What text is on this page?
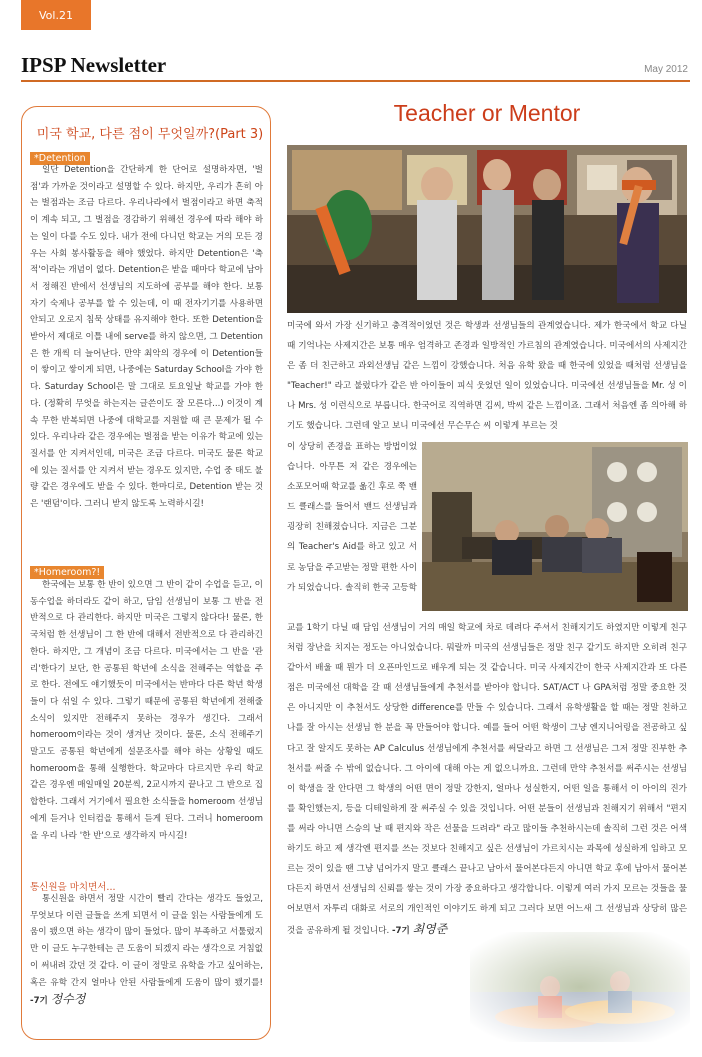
Vol.21
IPSP Newsletter	May 2012
미국 학교, 다른 점이 무엇일까?(Part 3)
*Detention
일단 Detention을 간단하게 한 단어로 설명하자면, '벌점'과 가까운 것이라고 설명할 수 있다. 하지만, 우리가 흔히 아는 벌점과는 조금 다르다. 우리나라에서 벌점이라고 하면 축적이 계속 되고, 그 벌점을 경감하기 위해선 경우에 따라 해야 하는 일이 다를 수도 있다. 내가 전에 다니던 학교는 거의 모든 경우는 사회 봉사활동을 해야 했었다. 하지만 Detention은 '축적'이라는 개념이 없다. Detention은 받을 때마다 학교에 남아서 정해진 반에서 선생님의 지도하에 공부를 해야 한다. 보통 자기 숙제나 공부를 할 수 있는데, 이 때 전자기기를 사용하면 안되고 오로지 침묵 상태를 유지해야 한다. 또한 Detention을 받아서 제대로 이틀 내에 serve를 하지 않으면, 그 Detention은 한 개씩 더 늘어난다. 만약 최악의 경우에 이 Detention들이 쌓이고 쌓이게 되면, 나중에는 Saturday School을 가야 한다. Saturday School은 말 그대로 토요일날 학교를 가야 한다. (정확히 무엇을 하는지는 글쓴이도 잘 모른다...) 이것이 계속 무한 반복되면 나중에 대학교를 지원할 때 큰 문제가 될 수 있다. 우리나라 같은 경우에는 벌점을 받는 이유가 학교에 있는 질서를 안 지켜서인데, 미국은 조금 다르다. 미국도 물론 학교에 있는 질서를 안 지켜서 받는 경우도 있지만, 수업 중 태도 불량 같은 경우에도 받을 수 있다. 한마디로, Detention 받는 것은 '랜덤'이다. 그러니 받지 않도록 노력하시길!
*Homeroom?!
한국에는 보통 한 반이 있으면 그 반이 같이 수업을 듣고, 이동수업을 하더라도 같이 하고, 담임 선생님이 보통 그 반을 전반적으로 다 관리한다. 하지만 미국은 그렇지 않다다! 물론, 한국처럼 한 선생님이 그 한 반에 대해서 전반적으로 다 관리하긴 한다. 하지만, 그 개념이 조금 다르다. 미국에서는 그 반을 '관리'한다기 보단, 한 공통된 학년에 소식을 전해주는 역할을 주로 한다. 전에도 얘기했듯이 미국에서는 반마다 다른 학년 학생들이 다 섞일 수 있다. 그렇기 때문에 공통된 학년에게 전해줄 소식이 있지만 전해주지 못하는 경우가 생긴다. 그래서 homeroom이라는 것이 생겨난 것이다. 물론, 소식 전해주기 말고도 공통된 학년에게 설문조사를 해야 하는 상황일 때도 homeroom을 통해 실행한다. 학교마다 다르지만 우리 학교 같은 경우엔 매일매일 20분씩, 2교시까지 끝나고 그 반으로 집합한다. 그래서 거기에서 필요한 소식들을 homeroom 선생님에게 듣거나 인터컴을 통해서 듣게 된다. 그러니 homeroom을 우리 나라 '한 반'으로 생각하지 마시길!
통신원을 마치면서...
통신원을 하면서 정말 시간이 빨리 간다는 생각도 들었고, 무엇보다 이런 글들을 쓰게 되면서 이 글을 읽는 사람들에게 도움이 됐으면 하는 생각이 많이 들었다. 많이 부족하고 서툴렀지만 이 글도 누구한테는 큰 도움이 되겠지 라는 생각으로 거침없이 써내려 갔던 것 같다. 이 글이 정말로 유학을 가고 싶어하는, 혹은 유학 간지 얼마나 안된 사람들에게 도움이 많이 됐기를! -7기 정수정
Teacher or Mentor
미국에 와서 가장 신기하고 충격적이었던 것은 학생과 선생님들의 관계였습니다. 제가 한국에서 학교 다닐 때 기억나는 사제지간은 보통 매우 엄격하고 존경과 일방적인 가르침의 관계였습니다. 미국에서의 사제지간은 좀 더 친근하고 과외선생님 같은 느낌이 강했습니다. 처음 유학 왔을 때 한국에 있었을 때처럼 선생님을 "Teacher!" 라고 불렀다가 같은 반 아이들이 피식 웃었던 일이 있었습니다. 미국에선 선생님들을 Mr. 성 이나 Mrs. 성 이런식으로 부릅니다. 한국어로 직역하면 김씨, 박씨 같은 느낌이죠. 그래서 처음엔 좀 의아해 하기도 했습니다. 그런데 알고 보니 미국에선 무슨무슨 씨 이렇게 부르는 것
이 상당히 존경을 표하는 방법이었습니다. 아무튼 저 같은 경우에는 소포모어때 학교를 옮긴 후로 쭉 밴드 클래스를 들어서 밴드 선생님과 굉장히 친해졌습니다. 지금은 그분의 Teacher's Aid를 하고 있고 서로 농담을 주고받는 정말 편한 사이가 되었습니다. 솔직히 한국 고등학
교를 1학기 다닐 때 담임 선생님이 거의 매일 학교에 차로 데려다 주셔서 친해지기도 하였지만 이렇게 친구처럼 장난을 치지는 정도는 아니었습니다. 뭐랄까 미국의 선생님들은 정말 친구 같기도 하지만 오히려 친구 같아서 배울 때 뭔가 더 오픈마인드로 배우게 되는 것 같습니다. 미국 사제지간이 한국 사제지간과 또 다른 점은 미국에선 대학을 갈 때 선생님들에게 추천서를 받아야 합니다. SAT/ACT 나 GPA처럼 정말 중요한 것은 아니지만 이 추천서도 상당한 difference를 만들 수 있습니다. 그래서 유학생활을 할 때는 정말 친하고 나를 잘 아시는 선생님 한 분을 꼭 만들어야 합니다. 예를 들어 어떤 학생이 그냥 엔지니어링을 전공하고 싶다고 잘 알지도 못하는 AP Calculus 선생님에게 추천서를 써달라고 하면 그 선생님은 그저 정말 진부한 추천서를 써줄 수 밖에 없습니다. 그 아이에 대해 아는 게 없으니까요. 그런데 만약 추천서를 써주시는 선생님이 학생을 잘 안다면 그 학생의 어떤 면이 정말 강한지, 얼마나 성실한지, 어떤 일을 통해서 이 아이의 진가를 확인했는지, 등을 디테일하게 잘 써주실 수 있을 것입니다. 어떤 분들이 선생님과 친해지기 위해서 "편지를 써라 아니면 스승의 날 때 편지와 작은 선물을 드려라" 라고 많이들 추천하시는데 솔직히 그런 것은 어색하기도 하고 제 생각엔 편지를 쓰는 것보다 친해지고 싶은 선생님이 가르치시는 과목에 성실하게 임하고 모르는 것이 있을 땐 그냥 넘어가지 말고 클래스 끝나고 남아서 물어본다든지 아니면 학교 후에 남아서 물어본다든지 하면서 선생님의 신뢰를 쌓는 것이 가장 중요하다고 생각합니다. 이렇게 여러 가지 모르는 것들을 물어보면서 자투리 대화로 서로의 개인적인 이야기도 하게 되고 그러다 보면 어느새 그 선생님과 상당히 많은 것을 공유하게 될 것입니다. -7기 최영준
